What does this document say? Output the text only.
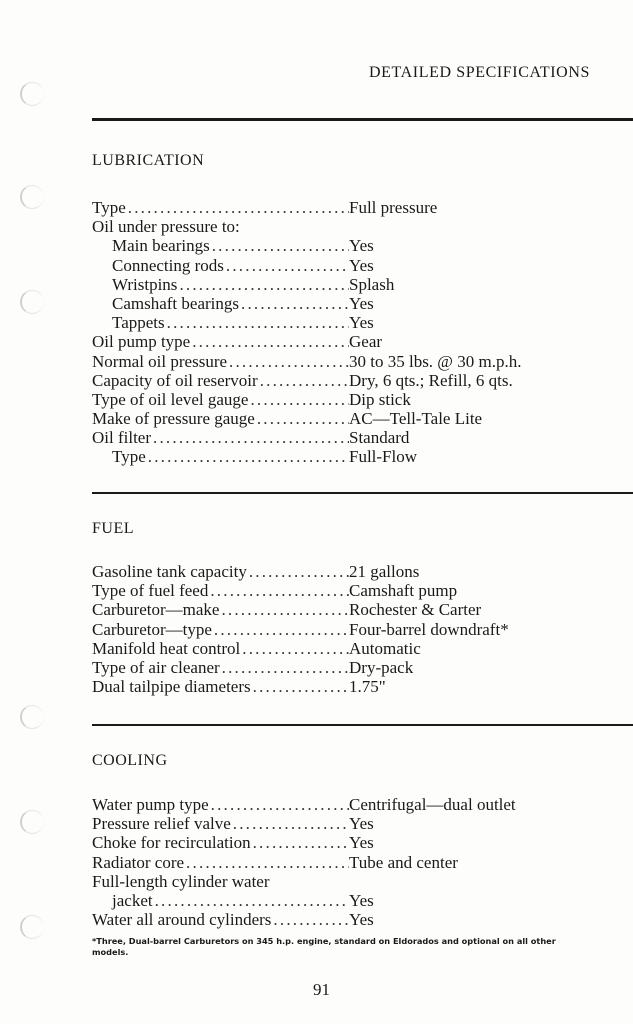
DETAILED SPECIFICATIONS
LUBRICATION
Type .....	Full pressure
Oil under pressure to:
Main bearings .....	Yes
Connecting rods .....	Yes
Wristpins .....	Splash
Camshaft bearings .....	Yes
Tappets .....	Yes
Oil pump type .....	Gear
Normal oil pressure .....	30 to 35 lbs. @ 30 m.p.h.
Capacity of oil reservoir .....	Dry, 6 qts.; Refill, 6 qts.
Type of oil level gauge .....	Dip stick
Make of pressure gauge .....	AC—Tell-Tale Lite
Oil filter .....	Standard
Type .....	Full-Flow
FUEL
Gasoline tank capacity .....	21 gallons
Type of fuel feed .....	Camshaft pump
Carburetor—make .....	Rochester & Carter
Carburetor—type .....	Four-barrel downdraft*
Manifold heat control .....	Automatic
Type of air cleaner .....	Dry-pack
Dual tailpipe diameters .....	1.75"
COOLING
Water pump type .....	Centrifugal—dual outlet
Pressure relief valve .....	Yes
Choke for recirculation .....	Yes
Radiator core .....	Tube and center
Full-length cylinder water
jacket .....	Yes
Water all around cylinders .....	Yes
*Three, Dual-barrel Carburetors on 345 h.p. engine, standard on Eldorados and optional on all other models.
91
